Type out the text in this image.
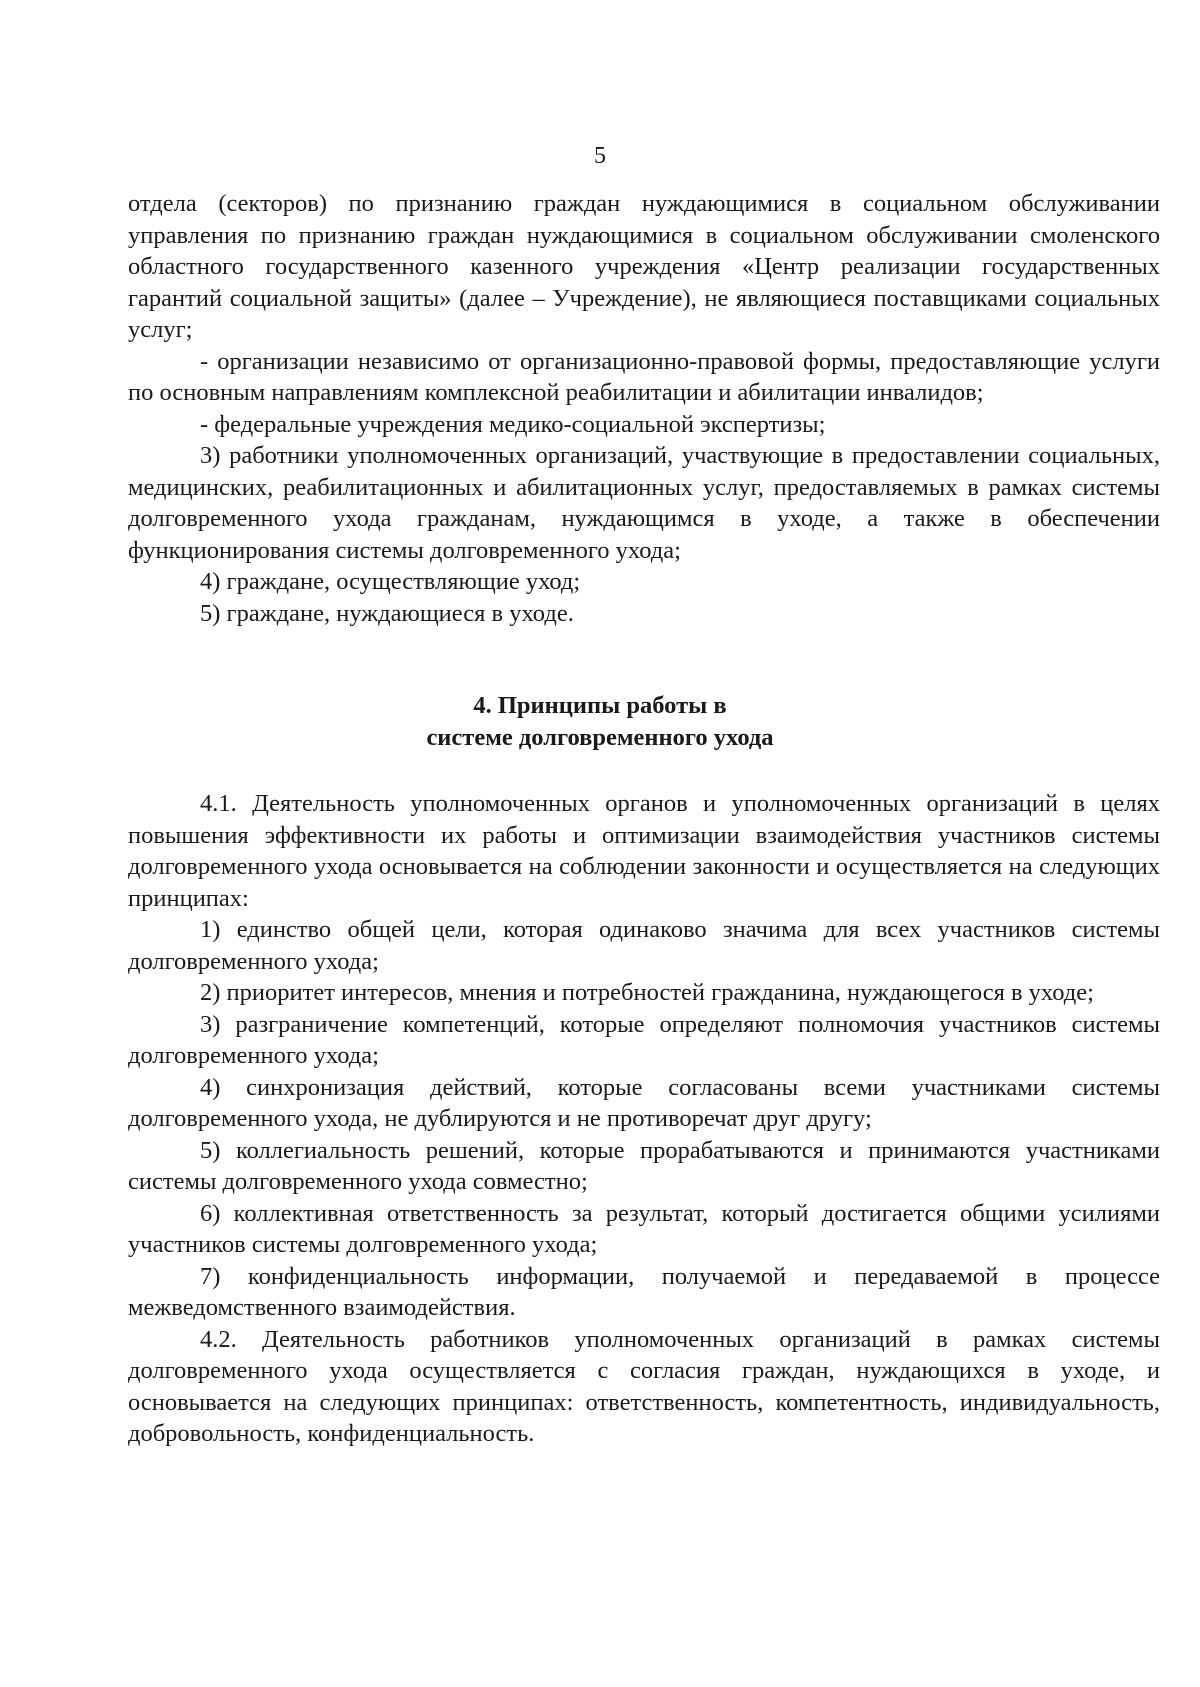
5

отдела (секторов) по признанию граждан нуждающимися в социальном обслуживании управления по признанию граждан нуждающимися в социальном обслуживании смоленского областного государственного казенного учреждения «Центр реализации государственных гарантий социальной защиты» (далее – Учреждение), не являющиеся поставщиками социальных услуг;

- организации независимо от организационно-правовой формы, предоставляющие услуги по основным направлениям комплексной реабилитации и абилитации инвалидов;

- федеральные учреждения медико-социальной экспертизы;

3) работники уполномоченных организаций, участвующие в предоставлении социальных, медицинских, реабилитационных и абилитационных услуг, предоставляемых в рамках системы долговременного ухода гражданам, нуждающимся в уходе, а также в обеспечении функционирования системы долговременного ухода;

4) граждане, осуществляющие уход;

5) граждане, нуждающиеся в уходе.

4. Принципы работы в
системе долговременного ухода

4.1. Деятельность уполномоченных органов и уполномоченных организаций в целях повышения эффективности их работы и оптимизации взаимодействия участников системы долговременного ухода основывается на соблюдении законности и осуществляется на следующих принципах:

1) единство общей цели, которая одинаково значима для всех участников системы долговременного ухода;

2) приоритет интересов, мнения и потребностей гражданина, нуждающегося в уходе;

3) разграничение компетенций, которые определяют полномочия участников системы долговременного ухода;

4) синхронизация действий, которые согласованы всеми участниками системы долговременного ухода, не дублируются и не противоречат друг другу;

5) коллегиальность решений, которые прорабатываются и принимаются участниками системы долговременного ухода совместно;

6) коллективная ответственность за результат, который достигается общими усилиями участников системы долговременного ухода;

7) конфиденциальность информации, получаемой и передаваемой в процессе межведомственного взаимодействия.

4.2. Деятельность работников уполномоченных организаций в рамках системы долговременного ухода осуществляется с согласия граждан, нуждающихся в уходе, и основывается на следующих принципах: ответственность, компетентность, индивидуальность, добровольность, конфиденциальность.
